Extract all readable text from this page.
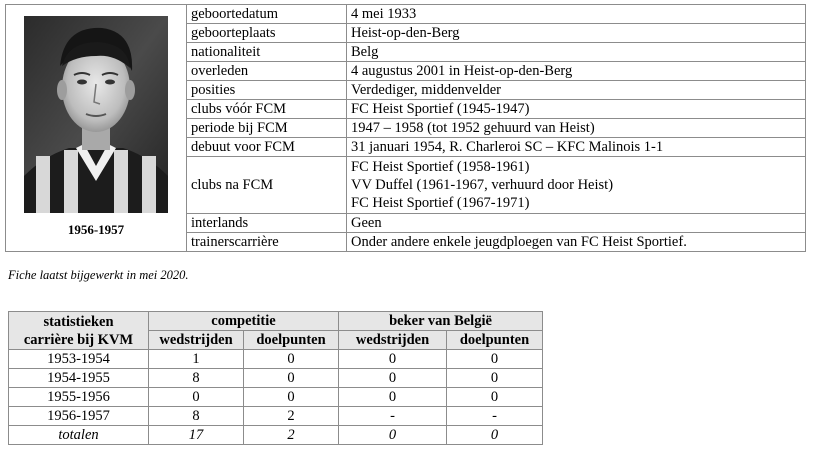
1956-1957	geboortedatum	4 mei 1933
	geboorteplaats	Heist-op-den-Berg
	nationaliteit	Belg
	overleden	4 augustus 2001 in Heist-op-den-Berg
	posities	Verdediger, middenvelder
	clubs vóór FCM	FC Heist Sportief (1945-1947)
	periode bij FCM	1947 – 1958 (tot 1952 gehuurd van Heist)
	debuut voor FCM	31 januari 1954, R. Charleroi SC – KFC Malinois 1-1
	clubs na FCM	FC Heist Sportief (1958-1961)
VV Duffel (1961-1967, verhuurd door Heist)
FC Heist Sportief (1967-1971)

	interlands	Geen
	trainerscarrière	Onder andere enkele jeugdploegen van FC Heist Sportief.
Fiche laatst bijgewerkt in mei 2020.
statistieken
carrière bij KVM	competitie		beker van België	
	wedstrijden	doelpunten	wedstrijden	doelpunten
1953-1954	1	0	0	0
1954-1955	8	0	0	0
1955-1956	0	0	0	0
1956-1957	8	2	-	-
totalen	17	2	0	0
